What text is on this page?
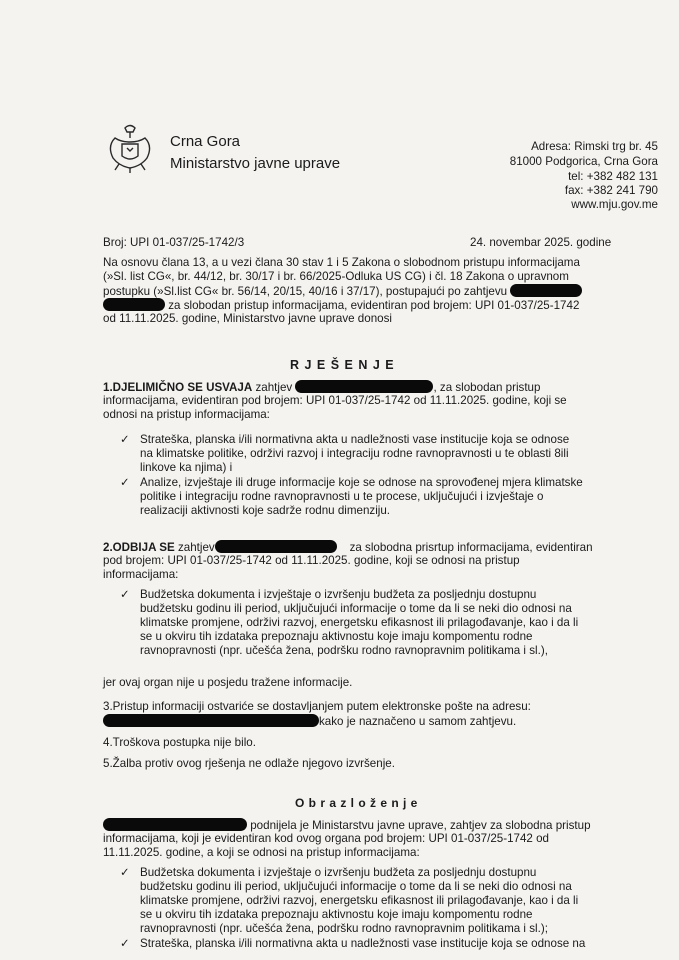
Crna Gora
Ministarstvo javne uprave
Adresa: Rimski trg br. 45
81000 Podgorica, Crna Gora
tel: +382 482 131
fax: +382 241 790
www.mju.gov.me
Broj: UPI 01-037/25-1742/3	24. novembar 2025. godine
Na osnovu člana 13, a u vezi člana 30 stav 1 i 5 Zakona o slobodnom pristupu informacijama
(»Sl. list CG«, br. 44/12, br. 30/17 i br. 66/2025-Odluka US CG) i čl. 18 Zakona o upravnom
postupku (»Sl.list CG« br. 56/14, 20/15, 40/16 i 37/17), postupajući po zahtjevu
za slobodan pristup informacijama, evidentiran pod brojem: UPI 01-037/25-1742
od 11.11.2025. godine, Ministarstvo javne uprave donosi
R J E Š E N J E
1.DJELIMIČNO SE USVAJA zahtjev	, za slobodan pristup
informacijama, evidentiran pod brojem: UPI 01-037/25-1742 od 11.11.2025. godine, koji se
odnosi na pristup informacijama:
✓ Strateška, planska i/ili normativna akta u nadležnosti vase institucije koja se odnose
na klimatske politike, održivi razvoj i integraciju rodne ravnopravnosti u te oblasti 8ili
linkove ka njima) i
✓ Analize, izvještaje ili druge informacije koje se odnose na sprovođenej mjera klimatske
politike i integraciju rodne ravnopravnosti u te procese, uključujući i izvještaje o
realizaciji aktivnosti koje sadrže rodnu dimenziju.
2.ODBIJA SE zahtjev	za slobodna prisrtup informacijama, evidentiran
pod brojem: UPI 01-037/25-1742 od 11.11.2025. godine, koji se odnosi na pristup
informacijama:
✓ Budžetska dokumenta i izvještaje o izvršenju budžeta za posljednju dostupnu
budžetsku godinu ili period, uključujući informacije o tome da li se neki dio odnosi na
klimatske promjene, održivi razvoj, energetsku efikasnost ili prilagođavanje, kao i da li
se u okviru tih izdataka prepoznaju aktivnostu koje imaju kompomentu rodne
ravnopravnosti (npr. učešća žena, podršku rodno ravnopravnim politikama i sl.),
jer ovaj organ nije u posjedu tražene informacije.
3.Pristup informaciji ostvariće se dostavljanjem putem elektronske pošte na adresu:
kako je naznačeno u samom zahtjevu.
4.Troškova postupka nije bilo.
5.Žalba protiv ovog rješenja ne odlaže njegovo izvršenje.
O b r a z l o ž e n j e
podnijela je Ministarstvu javne uprave, zahtjev za slobodna pristup
informacijama, koji je evidentiran kod ovog organa pod brojem: UPI 01-037/25-1742 od
11.11.2025. godine, a koji se odnosi na pristup informacijama:
✓ Budžetska dokumenta i izvještaje o izvršenju budžeta za posljednju dostupnu
budžetsku godinu ili period, uključujući informacije o tome da li se neki dio odnosi na
klimatske promjene, održivi razvoj, energetsku efikasnost ili prilagođavanje, kao i da li
se u okviru tih izdataka prepoznaju aktivnostu koje imaju kompomentu rodne
ravnopravnosti (npr. učešća žena, podršku rodno ravnopravnim politikama i sl.);
✓ Strateška, planska i/ili normativna akta u nadležnosti vase institucije koja se odnose na
